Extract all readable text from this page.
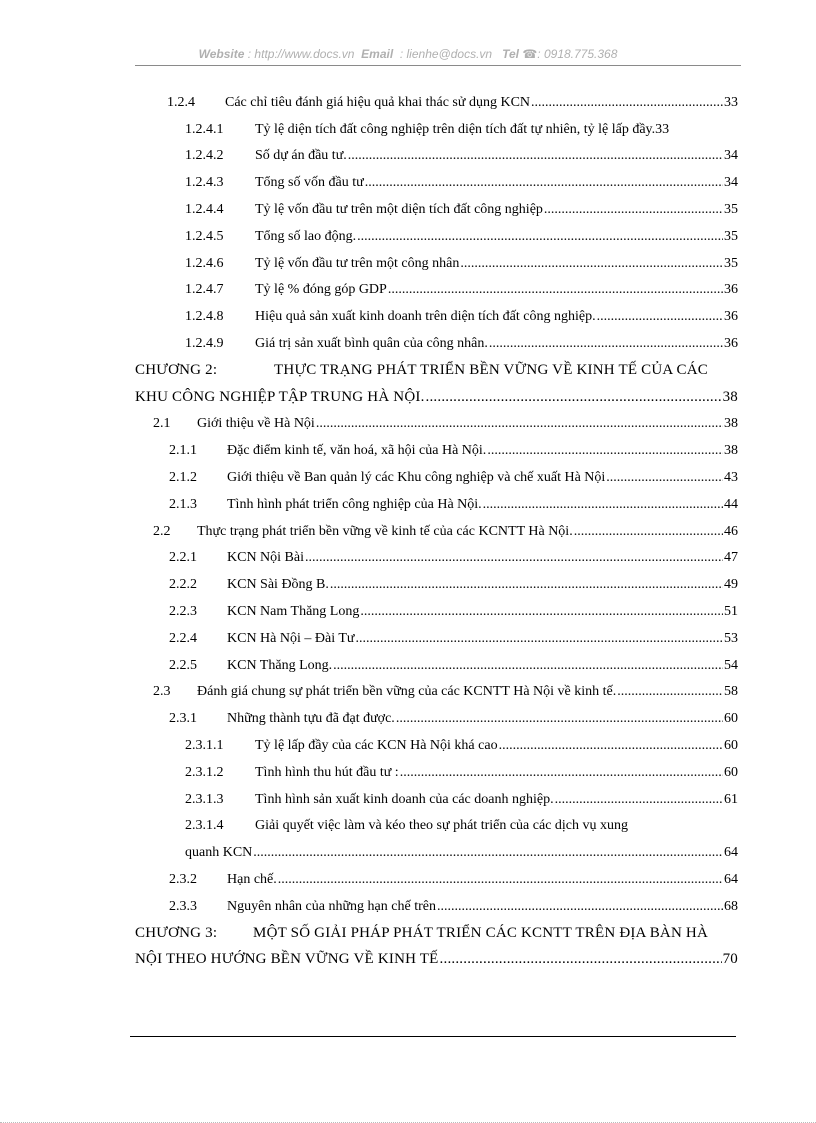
Website : http://www.docs.vn Email : lienhe@docs.vn Tel ☎: 0918.775.368
1.2.4	Các chỉ tiêu đánh giá hiệu quả khai thác sử dụng KCN .....	33
1.2.4.1	Tỷ lệ diện tích đất công nghiệp trên diện tích đất tự nhiên, tỷ lệ lấp đầy. 33
1.2.4.2	Số dự án đầu tư. .....	34
1.2.4.3	Tổng số vốn đầu tư .....	34
1.2.4.4	Tỷ lệ vốn đầu tư trên một diện tích đất công nghiệp .....	35
1.2.4.5	Tổng số lao động. .....	35
1.2.4.6	Tỷ lệ vốn đầu tư trên một công nhân .....	35
1.2.4.7	Tỷ lệ % đóng góp GDP .....	36
1.2.4.8	Hiệu quả sản xuất kinh doanh trên diện tích đất công nghiệp. .....	36
1.2.4.9	Giá trị sản xuất bình quân của công nhân. .....	36
CHƯƠNG 2:	THỰC TRẠNG PHÁT TRIỂN BỀN VỮNG VỀ KINH TẾ CỦA CÁC
KHU CÔNG NGHIỆP TẬP TRUNG HÀ NỘI. .....	38
2.1	Giới thiệu về Hà Nội .....	38
2.1.1	Đặc điểm kinh tế, văn hoá, xã hội của Hà Nội. .....	38
2.1.2	Giới thiệu về Ban quản lý các Khu công nghiệp và chế xuất Hà Nội .....	43
2.1.3	Tình hình phát triển công nghiệp của Hà Nội. .....	44
2.2	Thực trạng phát triển bền vững về kinh tế của các KCNTT Hà Nội. .....	46
2.2.1	KCN Nội Bài .....	47
2.2.2	KCN Sài Đồng B. .....	49
2.2.3	KCN Nam Thăng Long .....	51
2.2.4	KCN Hà Nội – Đài Tư .....	53
2.2.5	KCN Thăng Long. .....	54
2.3	Đánh giá chung sự phát triển bền vững của các KCNTT Hà Nội về kinh tế. .....	58
2.3.1	Những thành tựu đã đạt được. .....	60
2.3.1.1	Tỷ lệ lấp đầy của các KCN Hà Nội khá cao .....	60
2.3.1.2	Tình hình thu hút đầu tư : .....	60
2.3.1.3	Tình hình sản xuất kinh doanh của các doanh nghiệp. .....	61
2.3.1.4	Giải quyết việc làm và kéo theo sự phát triển của các dịch vụ xung
quanh KCN .....	64
2.3.2	Hạn chế. .....	64
2.3.3	Nguyên nhân của những hạn chế trên .....	68
CHƯƠNG 3: MỘT SỐ GIẢI PHÁP PHÁT TRIỂN CÁC KCNTT TRÊN ĐỊA BÀN HÀ
NỘI THEO HƯỚNG BỀN VỮNG VỀ KINH TẾ .....	70
